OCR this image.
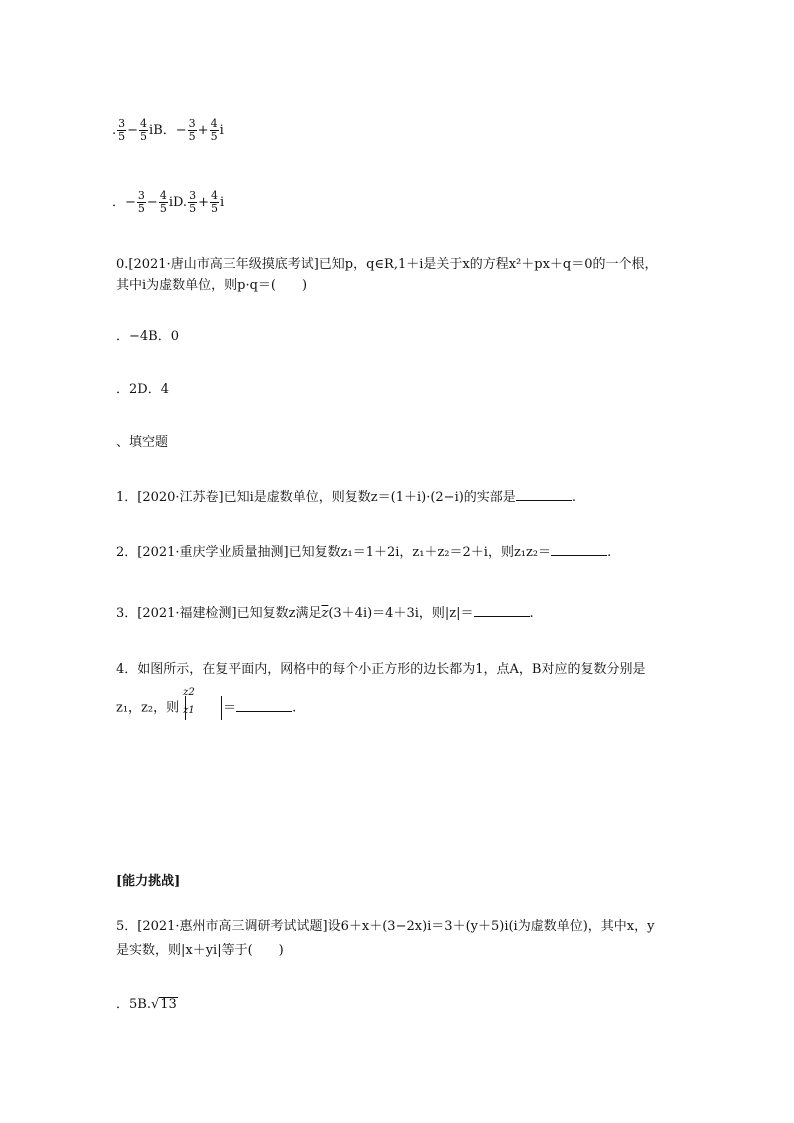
. $\frac{3}{5} - \frac{4}{5}$ iB．− $\frac{3}{5} + \frac{4}{5}$ i
．− $\frac{3}{5} - \frac{4}{5}$ iD. $\frac{3}{5} + \frac{4}{5}$ i
0.[2021·唐山市高三年级摸底考试]已知p，q∈R,1＋i是关于x的方程x²＋px＋q＝0的一个根，
其中i为虚数单位，则p·q＝(　　)
．−4B．0
．2D．4
、填空题
1．[2020·江苏卷]已知i是虚数单位，则复数z＝(1＋i)·(2−i)的实部是	.
2．[2021·重庆学业质量抽测]已知复数z₁＝1＋2i，z₁＋z₂＝2＋i，则z₁z₂＝	.
3．[2021·福建检测]已知复数z满足$\overline{z}(3+4i)=4+3i$，则|z|＝	.
4．如图所示，在复平面内，网格中的每个小正方形的边长都为1，点A，B对应的复数分别是
z₁，z₂，则
z2
z1 ＝	.
[能力挑战]
5．[2021·惠州市高三调研考试试题]设6＋x＋(3−2x)i＝3＋(y＋5)i(i为虚数单位)，其中x，y
是实数，则|x＋yi|等于(　　)
．5B.√13
